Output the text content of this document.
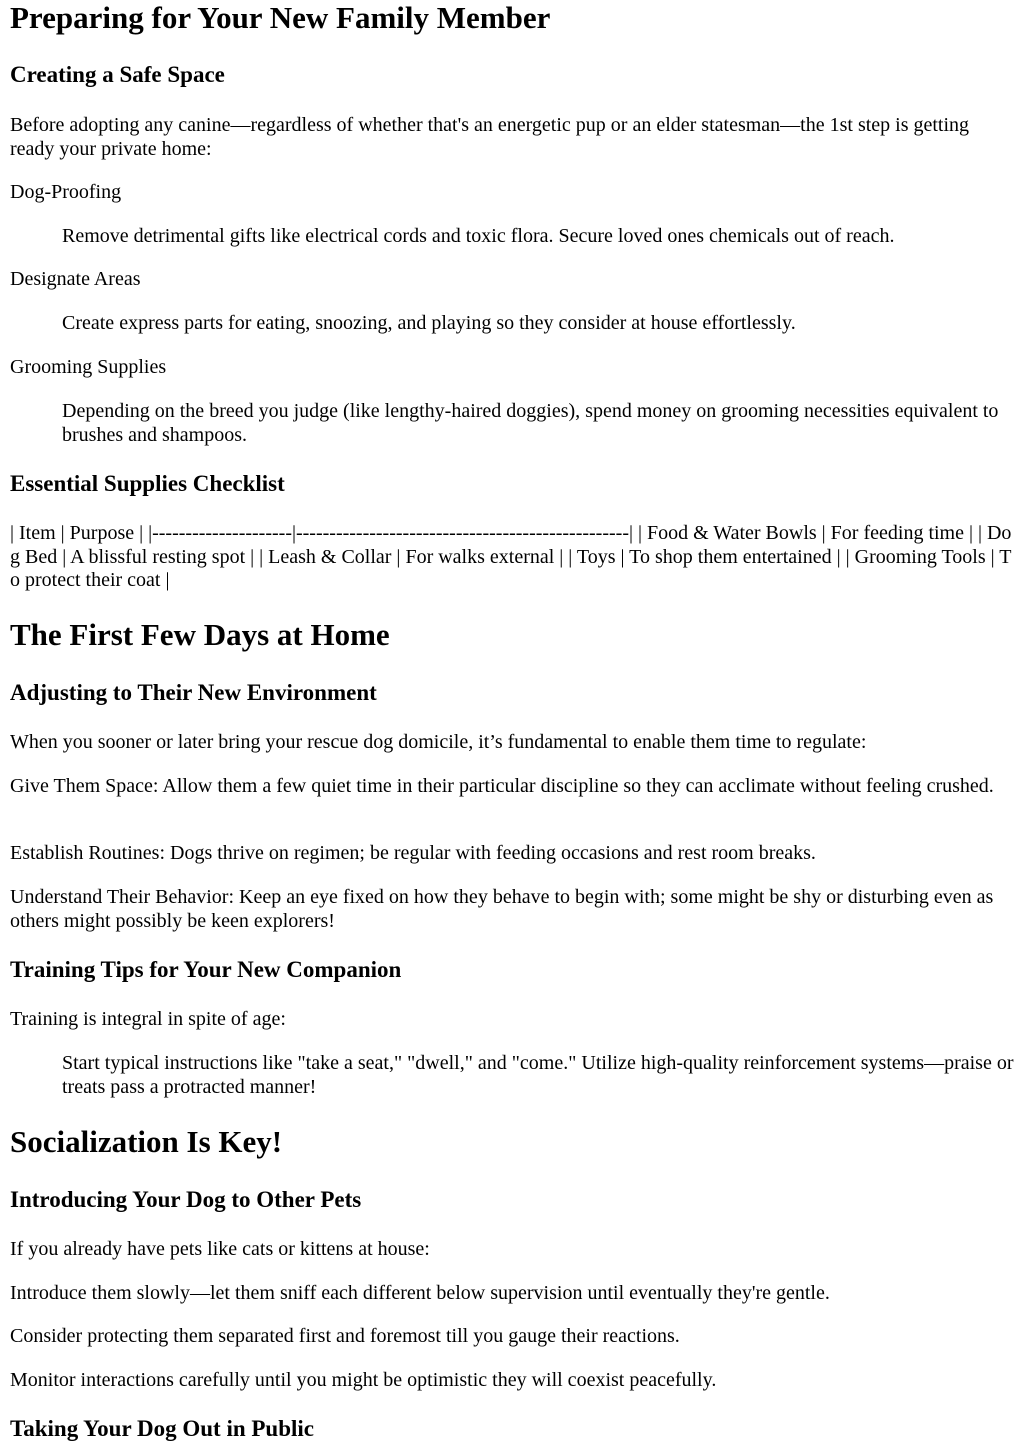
Preparing for Your New Family Member
Creating a Safe Space

Before adopting any canine—regardless of whether that's an energetic pup or an elder statesman—the 1st step is getting ready your private home:

Dog-Proofing

Remove detrimental gifts like electrical cords and toxic flora. Secure loved ones chemicals out of reach.

Designate Areas

Create express parts for eating, snoozing, and playing so they consider at house effortlessly.

Grooming Supplies

Depending on the breed you judge (like lengthy-haired doggies), spend money on grooming necessities equivalent to brushes and shampoos.

Essential Supplies Checklist

| Item | Purpose | |---------------------|--------------------------------------------------| | Food & Water Bowls | For feeding time | | Dog Bed | A blissful resting spot | | Leash & Collar | For walks external | | Toys | To shop them entertained | | Grooming Tools | To protect their coat |

The First Few Days at Home
Adjusting to Their New Environment

When you sooner or later bring your rescue dog domicile, it’s fundamental to enable them time to regulate:

Give Them Space: Allow them a few quiet time in their particular discipline so they can acclimate without feeling crushed.

Establish Routines: Dogs thrive on regimen; be regular with feeding occasions and rest room breaks.

Understand Their Behavior: Keep an eye fixed on how they behave to begin with; some might be shy or disturbing even as others might possibly be keen explorers!

Training Tips for Your New Companion

Training is integral in spite of age:

Start typical instructions like "take a seat," "dwell," and "come." Utilize high-quality reinforcement systems—praise or treats pass a protracted manner!

Socialization Is Key!
Introducing Your Dog to Other Pets

If you already have pets like cats or kittens at house:

Introduce them slowly—let them sniff each different below supervision until eventually they're gentle.

Consider protecting them separated first and foremost till you gauge their reactions.

Monitor interactions carefully until you might be optimistic they will coexist peacefully.

Taking Your Dog Out in Public
